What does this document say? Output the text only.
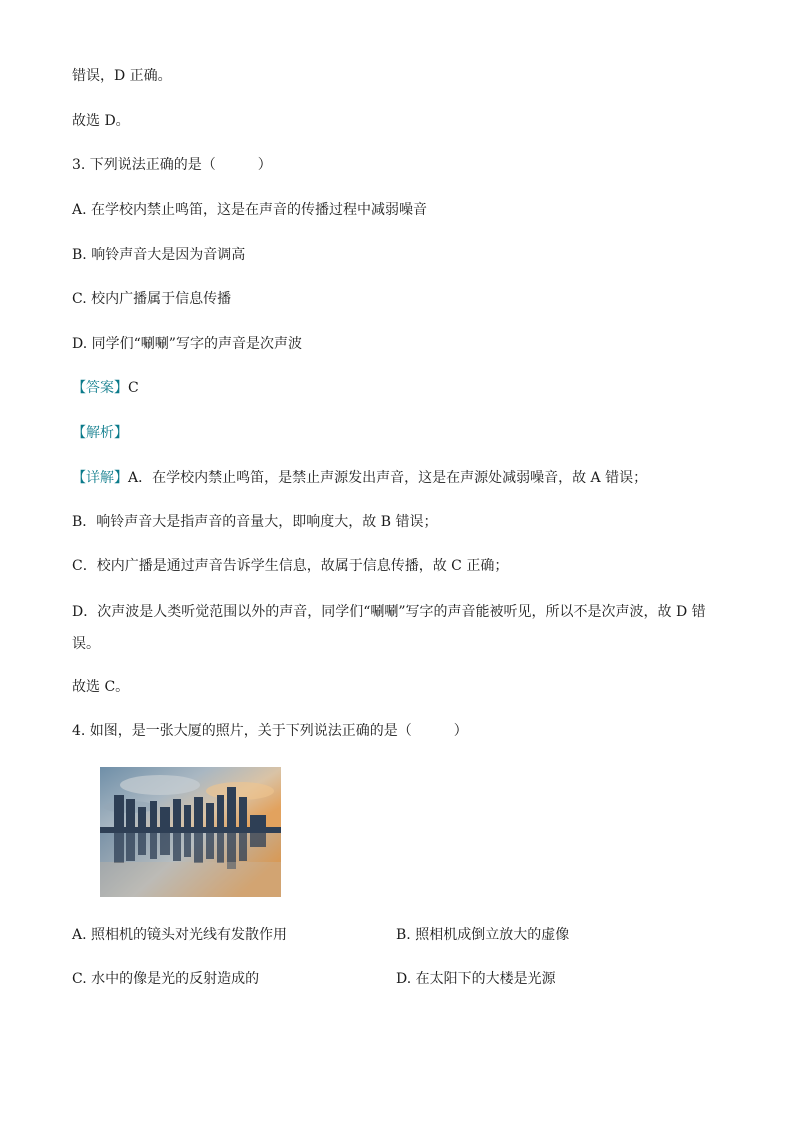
错误，D 正确。
故选 D。
3. 下列说法正确的是（　　　）
A. 在学校内禁止鸣笛，这是在声音的传播过程中减弱噪音
B. 响铃声音大是因为音调高
C. 校内广播属于信息传播
D. 同学们“唰唰”写字的声音是次声波
【答案】C
【解析】
【详解】A．在学校内禁止鸣笛，是禁止声源发出声音，这是在声源处减弱噪音，故 A 错误；
B．响铃声音大是指声音的音量大，即响度大，故 B 错误；
C．校内广播是通过声音告诉学生信息，故属于信息传播，故 C 正确；
D．次声波是人类听觉范围以外的声音，同学们“唰唰”写字的声音能被听见，所以不是次声波，故 D 错误。
故选 C。
4. 如图，是一张大厦的照片，关于下列说法正确的是（　　　）
A. 照相机的镜头对光线有发散作用	B. 照相机成倒立放大的虚像
C. 水中的像是光的反射造成的	D. 在太阳下的大楼是光源
